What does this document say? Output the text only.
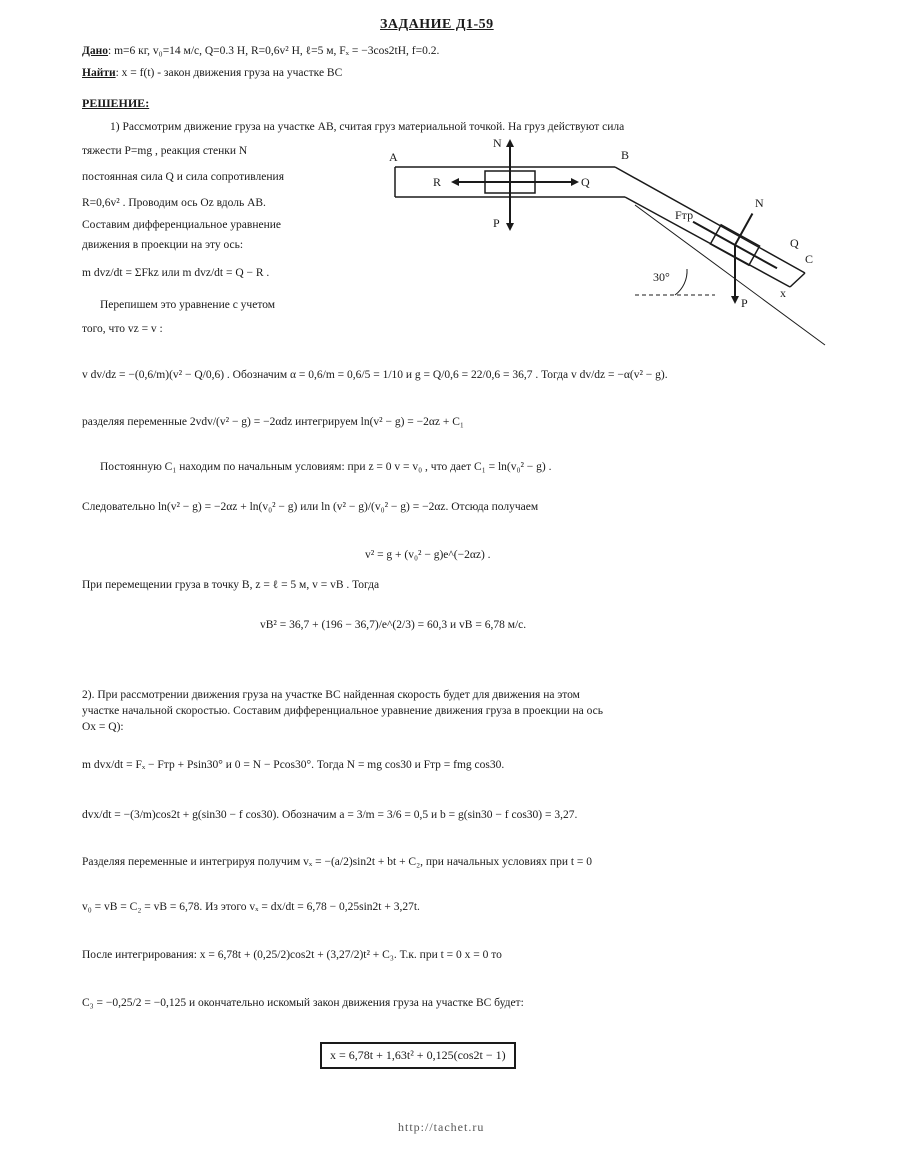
ЗАДАНИЕ Д1-59
Дано: m=6 кг, v₀=14 м/с, Q=0.3 Н, R=0,6v² Н, ℓ=5 м, Fₓ = −3cos2tH, f=0.2.
Найти: x = f(t) - закон движения груза на участке ВС
РЕШЕНИЕ:
1) Рассмотрим движение груза на участке АВ, считая груз материальной точкой. На груз действуют сила
тяжести P=mg , реакция стенки N
постоянная сила Q и сила сопротивления
R=0,6v² . Проводим ось Oz вдоль АВ.
Составим дифференциальное уравнение
движения в проекции на эту ось:
m dvz/dt = ΣFkz или m dvz/dt = Q − R .
Перепишем это уравнение с учетом
того, что vz = v :
v dv/dz = −(0,6/m)(v² − Q/0,6) . Обозначим α = 0,6/m = 0,6/5 = 1/10 и g = Q/0,6 = 22/0,6 = 36,7 . Тогда v dv/dz = −α(v² − g).
разделяя переменные 2vdv/(v² − g) = −2αdz интегрируем ln(v² − g) = −2αz + C₁
Постоянную C₁ находим по начальным условиям: при z = 0 v = v₀ , что дает C₁ = ln(v₀² − g) .
Следовательно ln(v² − g) = −2αz + ln(v₀² − g) или ln (v² − g)/(v₀² − g) = −2αz. Отсюда получаем
v² = g + (v₀² − g)e^(−2αz) .
При перемещении груза в точку B, z = ℓ = 5 м, v = vB . Тогда
vB² = 36,7 + (196 − 36,7)/e^(2/3) = 60,3 и vB = 6,78 м/с.
2). При рассмотрении движения груза на участке ВС найденная скорость будет для движения на этом
участке начальной скоростью. Составим дифференциальное уравнение движения груза в проекции на ось
Ox = Q):
m dvx/dt = Fₓ − Fтр + Psin30° и 0 = N − Pcos30°. Тогда N = mg cos30 и Fтр = fmg cos30.
dvx/dt = −(3/m)cos2t + g(sin30 − f cos30). Обозначим a = 3/m = 3/6 = 0,5 и b = g(sin30 − f cos30) = 3,27.
Разделяя переменные и интегрируя получим vₓ = −(a/2)sin2t + bt + C₂, при начальных условиях при t = 0
v₀ = vB = C₂ = vB = 6,78. Из этого vₓ = dx/dt = 6,78 − 0,25sin2t + 3,27t.
После интегрирования: x = 6,78t + (0,25/2)cos2t + (3,27/2)t² + C₃. Т.к. при t = 0 x = 0 то
C₃ = −0,25/2 = −0,125 и окончательно искомый закон движения груза на участке ВС будет:
x = 6,78t + 1,63t² + 0,125(cos2t − 1)
http://tachet.ru
A	B
C
N
R	Q
P
Fтр
N
Q
P
30°
x
